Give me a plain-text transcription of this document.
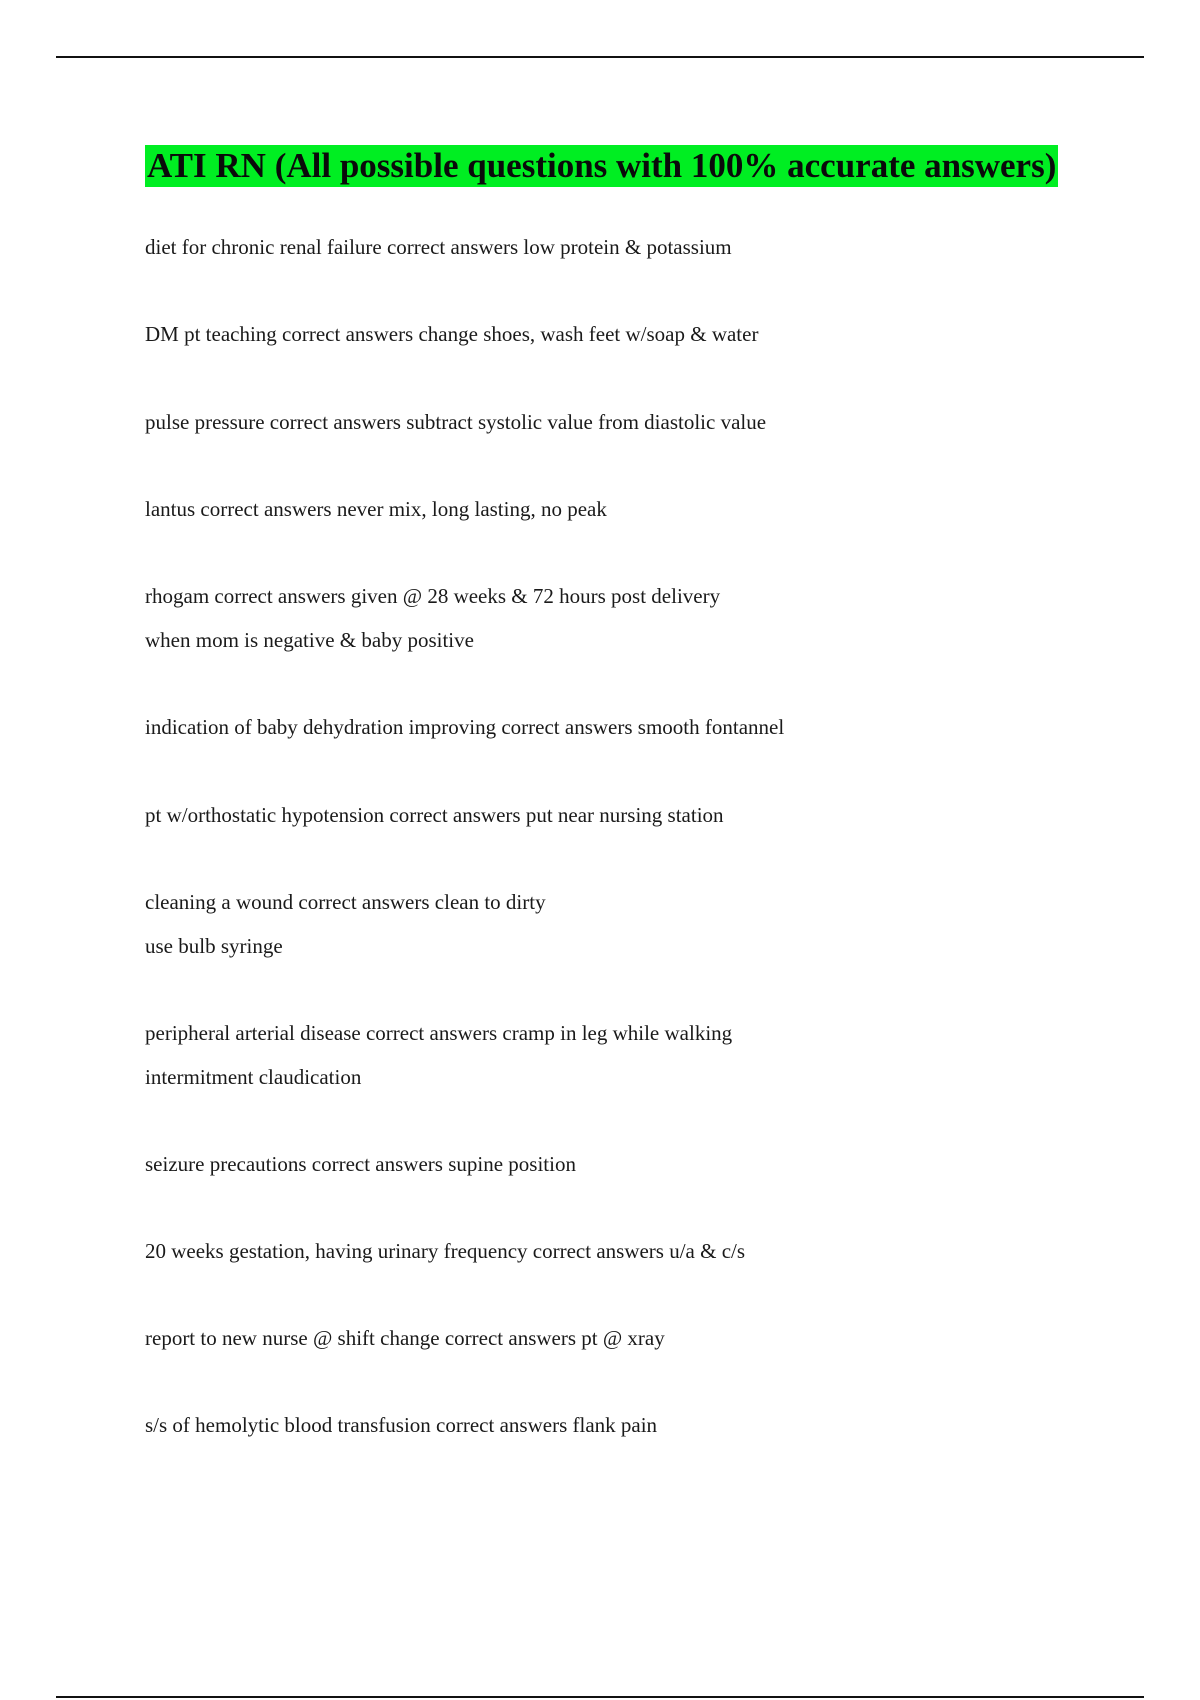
ATI RN (All possible questions with 100% accurate answers)
diet for chronic renal failure correct answers low protein & potassium
DM pt teaching correct answers change shoes, wash feet w/soap & water
pulse pressure correct answers subtract systolic value from diastolic value
lantus correct answers never mix, long lasting, no peak
rhogam correct answers given @ 28 weeks & 72 hours post delivery
when mom is negative & baby positive
indication of baby dehydration improving correct answers smooth fontannel
pt w/orthostatic hypotension correct answers put near nursing station
cleaning a wound correct answers clean to dirty
use bulb syringe
peripheral arterial disease correct answers cramp in leg while walking
intermitment claudication
seizure precautions correct answers supine position
20 weeks gestation, having urinary frequency correct answers u/a & c/s
report to new nurse @ shift change correct answers pt @ xray
s/s of hemolytic blood transfusion correct answers flank pain
